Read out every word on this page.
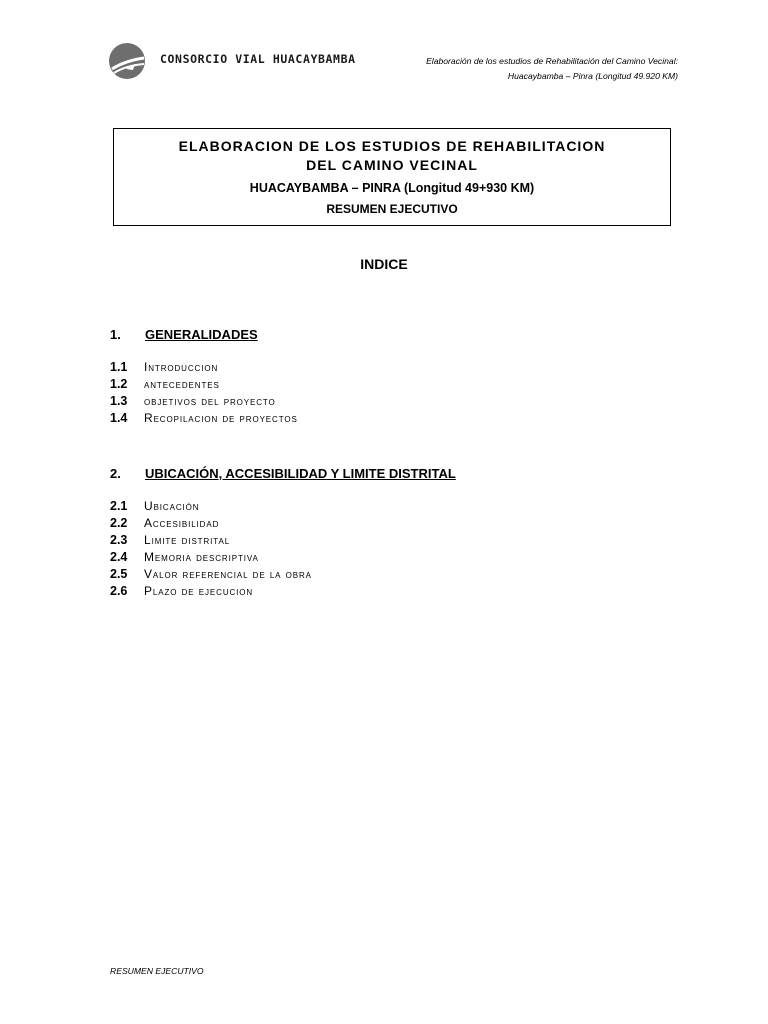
CONSORCIO VIAL HUACAYBAMBA	Elaboración de los estudios de Rehabilitación del Camino Vecinal:
Huacaybamba – Pinra (Longitud 49.920 KM)
ELABORACION DE LOS ESTUDIOS DE REHABILITACION
DEL CAMINO VECINAL
HUACAYBAMBA – PINRA (Longitud 49+930 KM)
RESUMEN EJECUTIVO
INDICE
1. GENERALIDADES
1.1 Introduccion
1.2 antecedentes
1.3 objetivos del proyecto
1.4 Recopilacion de proyectos
2. UBICACIÓN, ACCESIBILIDAD Y LIMITE DISTRITAL
2.1 Ubicación
2.2 Accesibilidad
2.3 Limite distrital
2.4 Memoria descriptiva
2.5 Valor referencial de la obra
2.6 Plazo de ejecucion
RESUMEN EJECUTIVO
